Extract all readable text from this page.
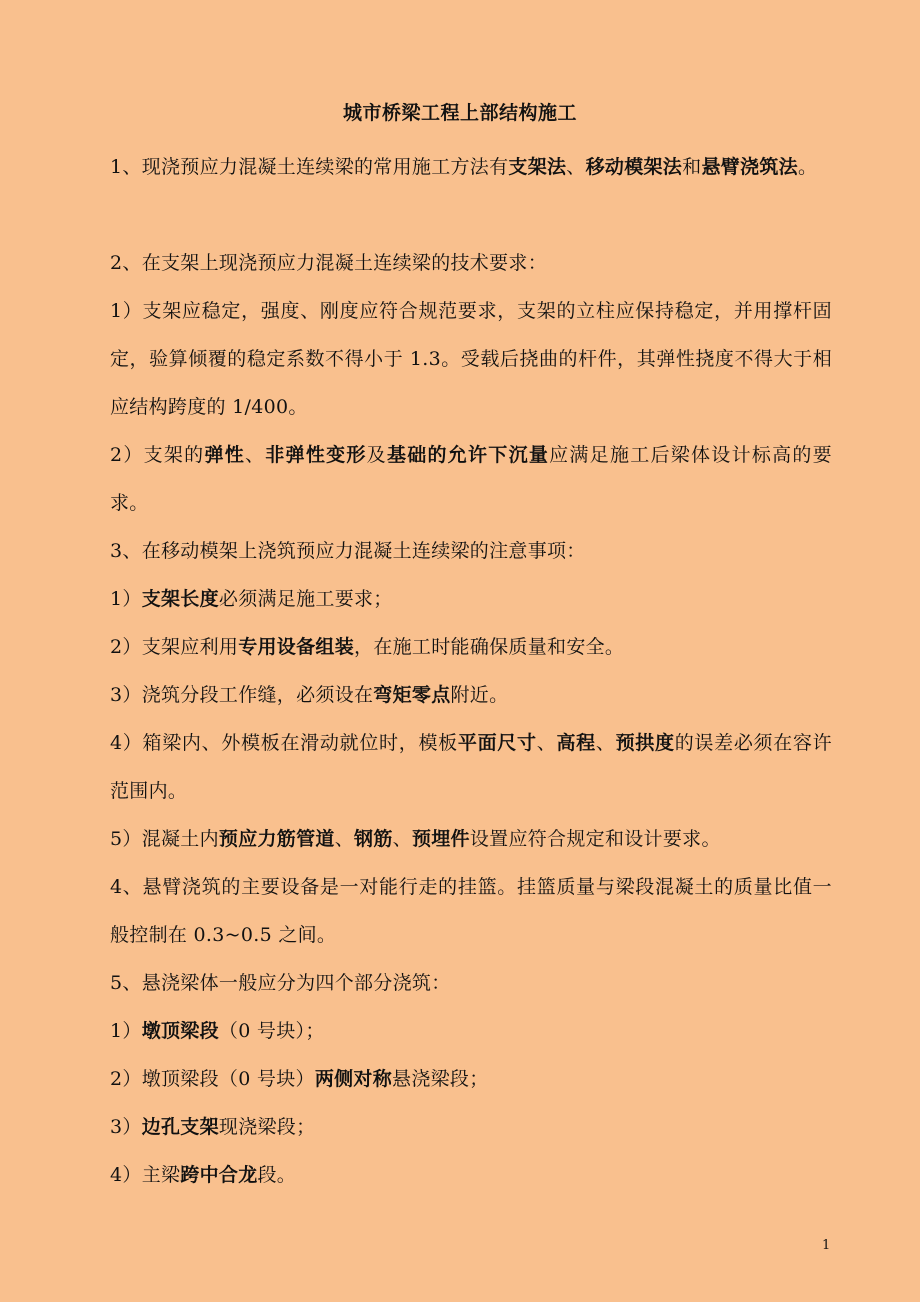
城市桥梁工程上部结构施工
1、现浇预应力混凝土连续梁的常用施工方法有支架法、移动模架法和悬臂浇筑法。
2、在支架上现浇预应力混凝土连续梁的技术要求：
1）支架应稳定，强度、刚度应符合规范要求，支架的立柱应保持稳定，并用撑杆固定，验算倾覆的稳定系数不得小于 1.3。受载后挠曲的杆件，其弹性挠度不得大于相应结构跨度的 1/400。
2）支架的弹性、非弹性变形及基础的允许下沉量应满足施工后梁体设计标高的要求。
3、在移动模架上浇筑预应力混凝土连续梁的注意事项：
1）支架长度必须满足施工要求；
2）支架应利用专用设备组装，在施工时能确保质量和安全。
3）浇筑分段工作缝，必须设在弯矩零点附近。
4）箱梁内、外模板在滑动就位时，模板平面尺寸、高程、预拱度的误差必须在容许范围内。
5）混凝土内预应力筋管道、钢筋、预埋件设置应符合规定和设计要求。
4、悬臂浇筑的主要设备是一对能行走的挂篮。挂篮质量与梁段混凝土的质量比值一般控制在 0.3~0.5 之间。
5、悬浇梁体一般应分为四个部分浇筑：
1）墩顶梁段（0 号块）；
2）墩顶梁段（0 号块）两侧对称悬浇梁段；
3）边孔支架现浇梁段；
4）主梁跨中合龙段。
1
